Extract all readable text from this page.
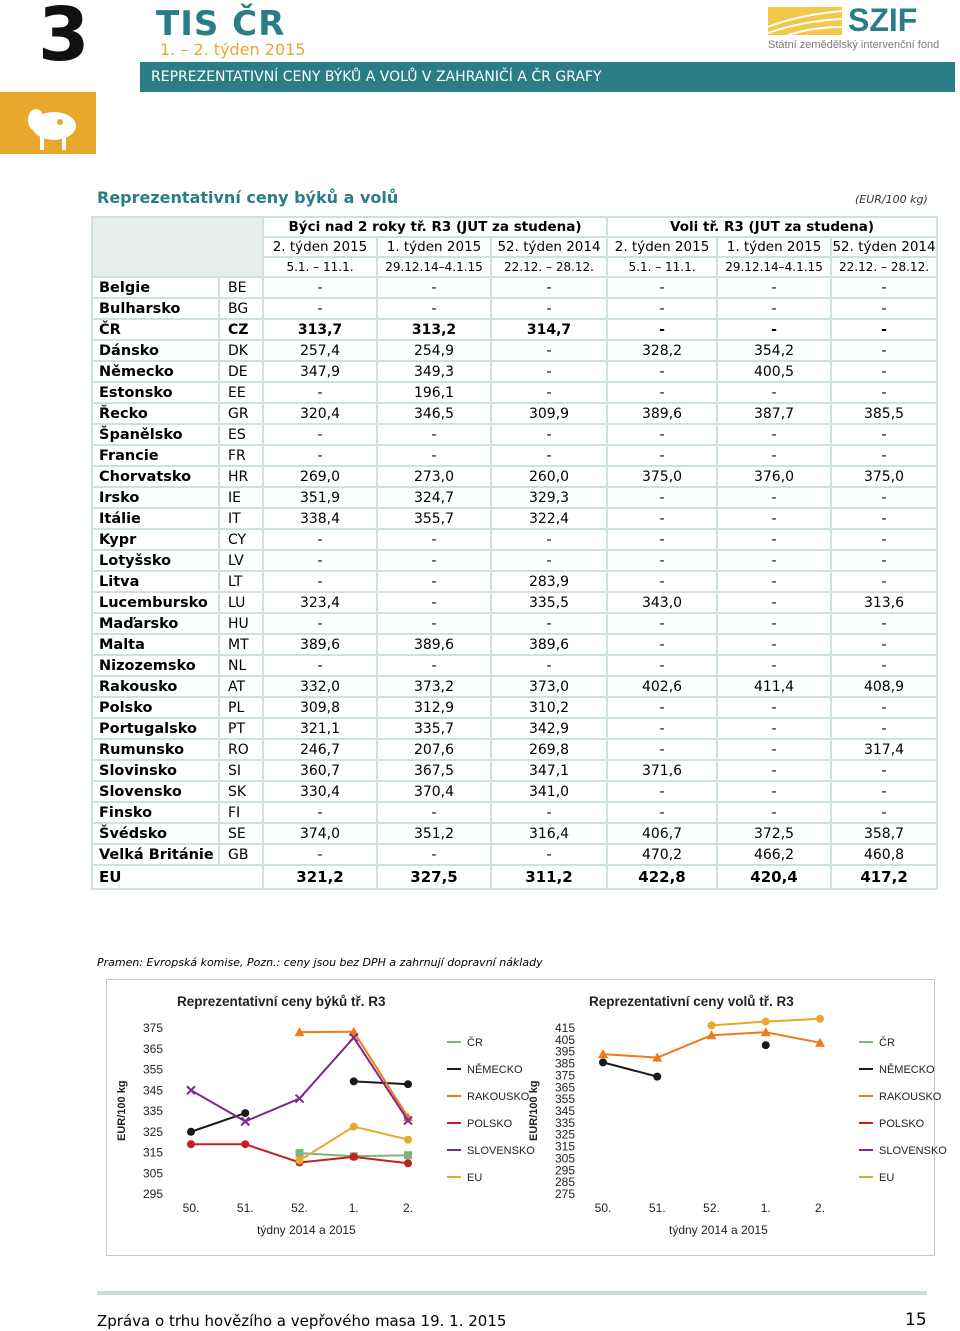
3 TIS ČR
1. – 2. týden 2015
SZIF
Státní zemědělský intervenční fond
REPREZENTATIVNÍ CENY BÝKŮ A VOLŮ V ZAHRANIČÍ A ČR GRAFY
Reprezentativní ceny býků a volů	(EUR/100 kg)
		Býci nad 2 roky tř. R3 (JUT za studena)			Voli tř. R3 (JUT za studena)		
		2. týden 2015	1. týden 2015	52. týden 2014	2. týden 2015	1. týden 2015	52. týden 2014
		5.1. – 11.1.	29.12.14–4.1.15	22.12. – 28.12.	5.1. – 11.1.	29.12.14–4.1.15	22.12. – 28.12.
Belgie	BE	-	-	-	-	-	-
Bulharsko	BG	-	-	-	-	-	-
ČR	CZ	313,7	313,2	314,7	-	-	-
Dánsko	DK	257,4	254,9	-	328,2	354,2	-
Německo	DE	347,9	349,3	-	-	400,5	-
Estonsko	EE	-	196,1	-	-	-	-
Řecko	GR	320,4	346,5	309,9	389,6	387,7	385,5
Španělsko	ES	-	-	-	-	-	-
Francie	FR	-	-	-	-	-	-
Chorvatsko	HR	269,0	273,0	260,0	375,0	376,0	375,0
Irsko	IE	351,9	324,7	329,3	-	-	-
Itálie	IT	338,4	355,7	322,4	-	-	-
Kypr	CY	-	-	-	-	-	-
Lotyšsko	LV	-	-	-	-	-	-
Litva	LT	-	-	283,9	-	-	-
Lucembursko	LU	323,4	-	335,5	343,0	-	313,6
Maďarsko	HU	-	-	-	-	-	-
Malta	MT	389,6	389,6	389,6	-	-	-
Nizozemsko	NL	-	-	-	-	-	-
Rakousko	AT	332,0	373,2	373,0	402,6	411,4	408,9
Polsko	PL	309,8	312,9	310,2	-	-	-
Portugalsko	PT	321,1	335,7	342,9	-	-	-
Rumunsko	RO	246,7	207,6	269,8	-	-	317,4
Slovinsko	SI	360,7	367,5	347,1	371,6	-	-
Slovensko	SK	330,4	370,4	341,0	-	-	-
Finsko	FI	-	-	-	-	-	-
Švédsko	SE	374,0	351,2	316,4	406,7	372,5	358,7
Velká Británie	GB	-	-	-	470,2	466,2	460,8
EU		321,2	327,5	311,2	422,8	420,4	417,2
Pramen: Evropská komise, Pozn.: ceny jsou bez DPH a zahrnují dopravní náklady
Reprezentativní ceny býků tř. R3
295
305
315
325
335
345
355
365
375
50.	51.	52.	1.	2.
týdny 2014 a 2015
EUR/100 kg
ČR
NĚMECKO
RAKOUSKO
POLSKO
SLOVENSKO
EU
Reprezentativní ceny volů tř. R3
275
285
295
305
315
325
335
345
355
365
375
385
395
405
415
50.	51.	52.	1.	2.
týdny 2014 a 2015
EUR/100 kg
ČR
NĚMECKO
RAKOUSKO
POLSKO
SLOVENSKO
EU
Zpráva o trhu hovězího a vepřového masa 19. 1. 2015	15
